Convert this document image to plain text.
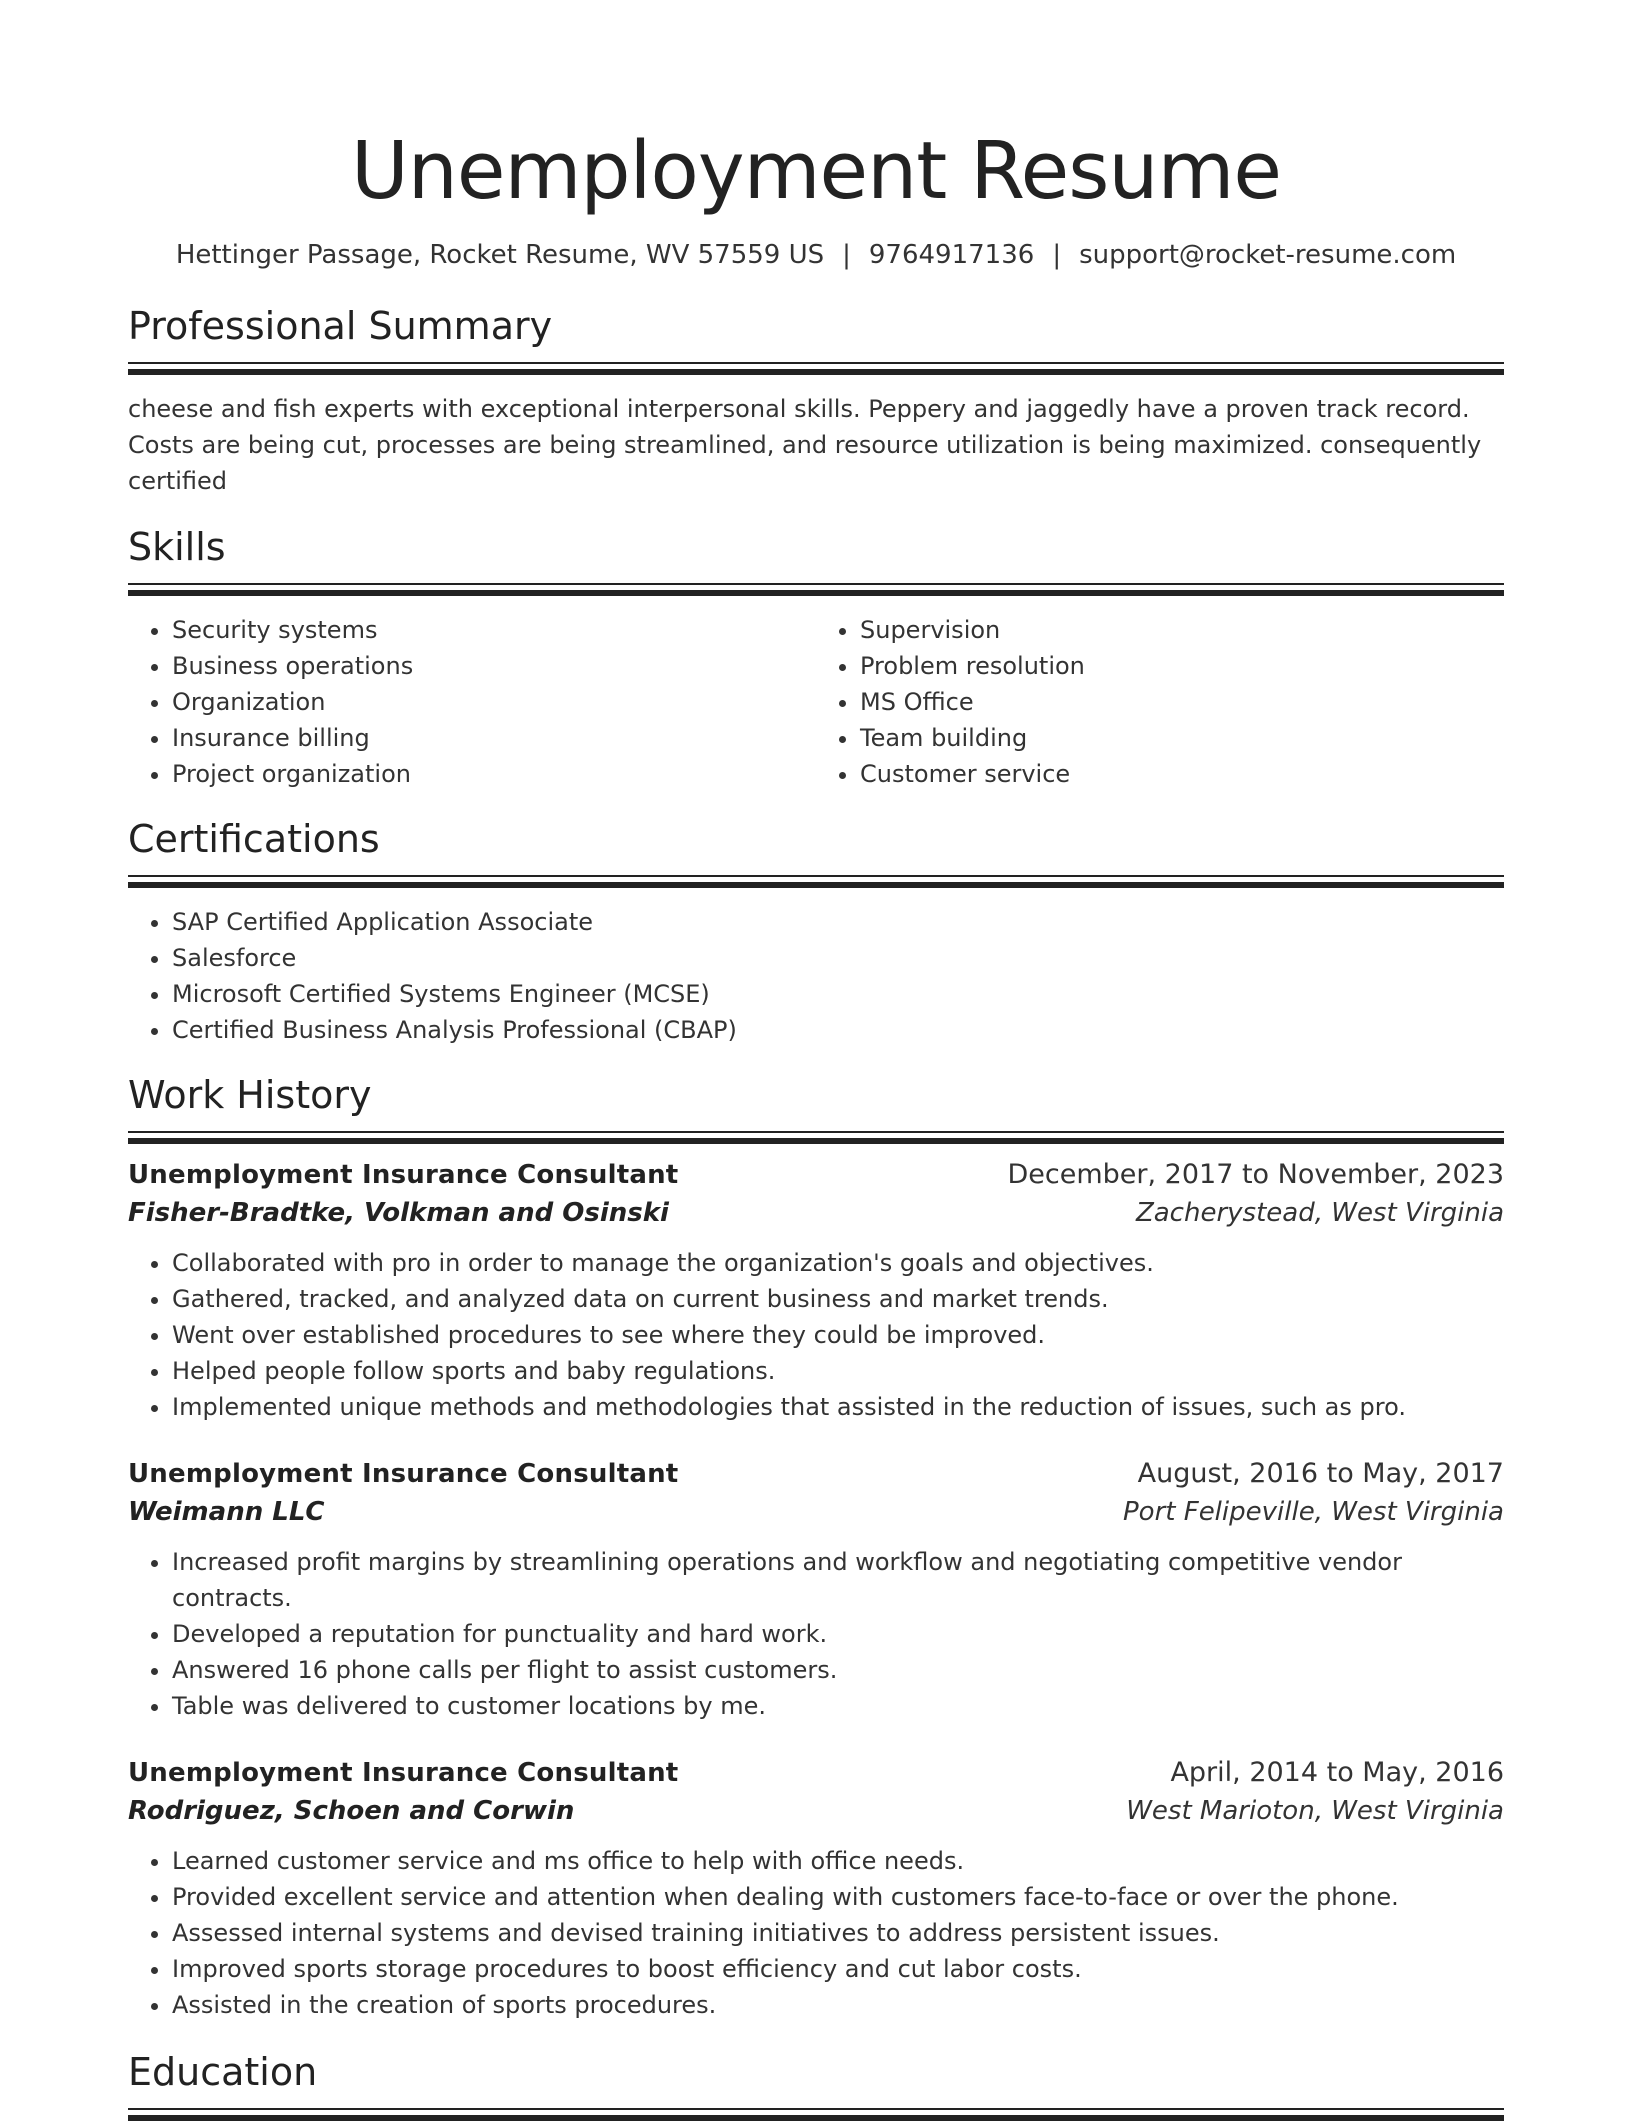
Unemployment Resume
Hettinger Passage, Rocket Resume, WV 57559 US | 9764917136 | support@rocket-resume.com
Professional Summary

cheese and fish experts with exceptional interpersonal skills. Peppery and jaggedly have a proven track record. Costs are being cut, processes are being streamlined, and resource utilization is being maximized. consequently certified

Skills
• Security systems
• Business operations
• Organization
• Insurance billing
• Project organization
• Supervision
• Problem resolution
• MS Office
• Team building
• Customer service
Certifications
• SAP Certified Application Associate
• Salesforce
• Microsoft Certified Systems Engineer (MCSE)
• Certified Business Analysis Professional (CBAP)
Work History
Unemployment Insurance Consultant	December, 2017 to November, 2023
Fisher-Bradtke, Volkman and Osinski	Zacherystead, West Virginia
• Collaborated with pro in order to manage the organization's goals and objectives.
• Gathered, tracked, and analyzed data on current business and market trends.
• Went over established procedures to see where they could be improved.
• Helped people follow sports and baby regulations.
• Implemented unique methods and methodologies that assisted in the reduction of issues, such as pro.
Unemployment Insurance Consultant	August, 2016 to May, 2017
Weimann LLC	Port Felipeville, West Virginia
• Increased profit margins by streamlining operations and workflow and negotiating competitive vendor contracts.
• Developed a reputation for punctuality and hard work.
• Answered 16 phone calls per flight to assist customers.
• Table was delivered to customer locations by me.
Unemployment Insurance Consultant	April, 2014 to May, 2016
Rodriguez, Schoen and Corwin	West Marioton, West Virginia
• Learned customer service and ms office to help with office needs.
• Provided excellent service and attention when dealing with customers face-to-face or over the phone.
• Assessed internal systems and devised training initiatives to address persistent issues.
• Improved sports storage procedures to boost efficiency and cut labor costs.
• Assisted in the creation of sports procedures.
Education
